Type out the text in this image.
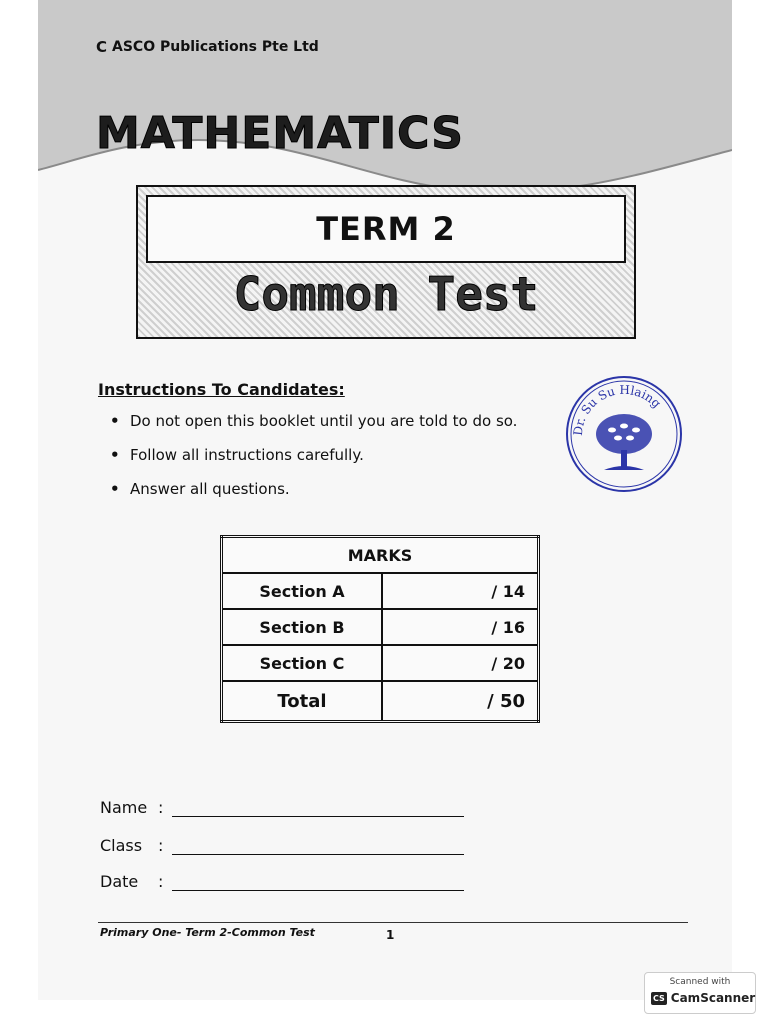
C ASCO Publications Pte Ltd
MATHEMATICS
TERM 2
Common Test
Instructions To Candidates:
• Do not open this booklet until you are told to do so.
• Follow all instructions carefully.
• Answer all questions.
Dr. Su Su Hlaing
MARKS	
Section A	/ 14
Section B	/ 16
Section C	/ 20
Total	/ 50
Name :
Class :
Date	:
Primary One- Term 2-Common Test	1
Scanned with
CS CamScanner
